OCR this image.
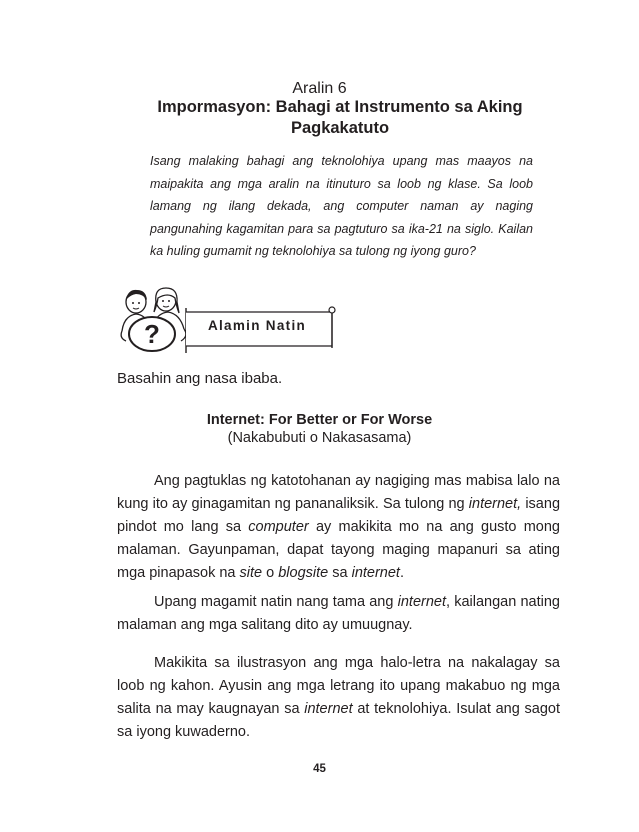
Aralin 6
Impormasyon: Bahagi at Instrumento sa Aking Pagkakatuto

Isang malaking bahagi ang teknolohiya upang mas maayos na maipakita ang mga aralin na itinuturo sa loob ng klase. Sa loob lamang ng ilang dekada, ang computer naman ay naging pangunahing kagamitan para sa pagtuturo sa ika-21 na siglo. Kailan ka huling gumamit ng teknolohiya sa tulong ng iyong guro?

?	Alamin Natin
Basahin ang nasa ibaba.
Internet: For Better or For Worse
(Nakabubuti o Nakasasama)

Ang pagtuklas ng katotohanan ay nagiging mas mabisa lalo na kung ito ay ginagamitan ng pananaliksik. Sa tulong ng internet, isang pindot mo lang sa computer ay makikita mo na ang gusto mong malaman. Gayunpaman, dapat tayong maging mapanuri sa ating mga pinapasok na site o blogsite sa internet.

Upang magamit natin nang tama ang internet, kailangan nating malaman ang mga salitang dito ay umuugnay.

Makikita sa ilustrasyon ang mga halo-letra na nakalagay sa loob ng kahon. Ayusin ang mga letrang ito upang makabuo ng mga salita na may kaugnayan sa internet at teknolohiya. Isulat ang sagot sa iyong kuwaderno.

45
